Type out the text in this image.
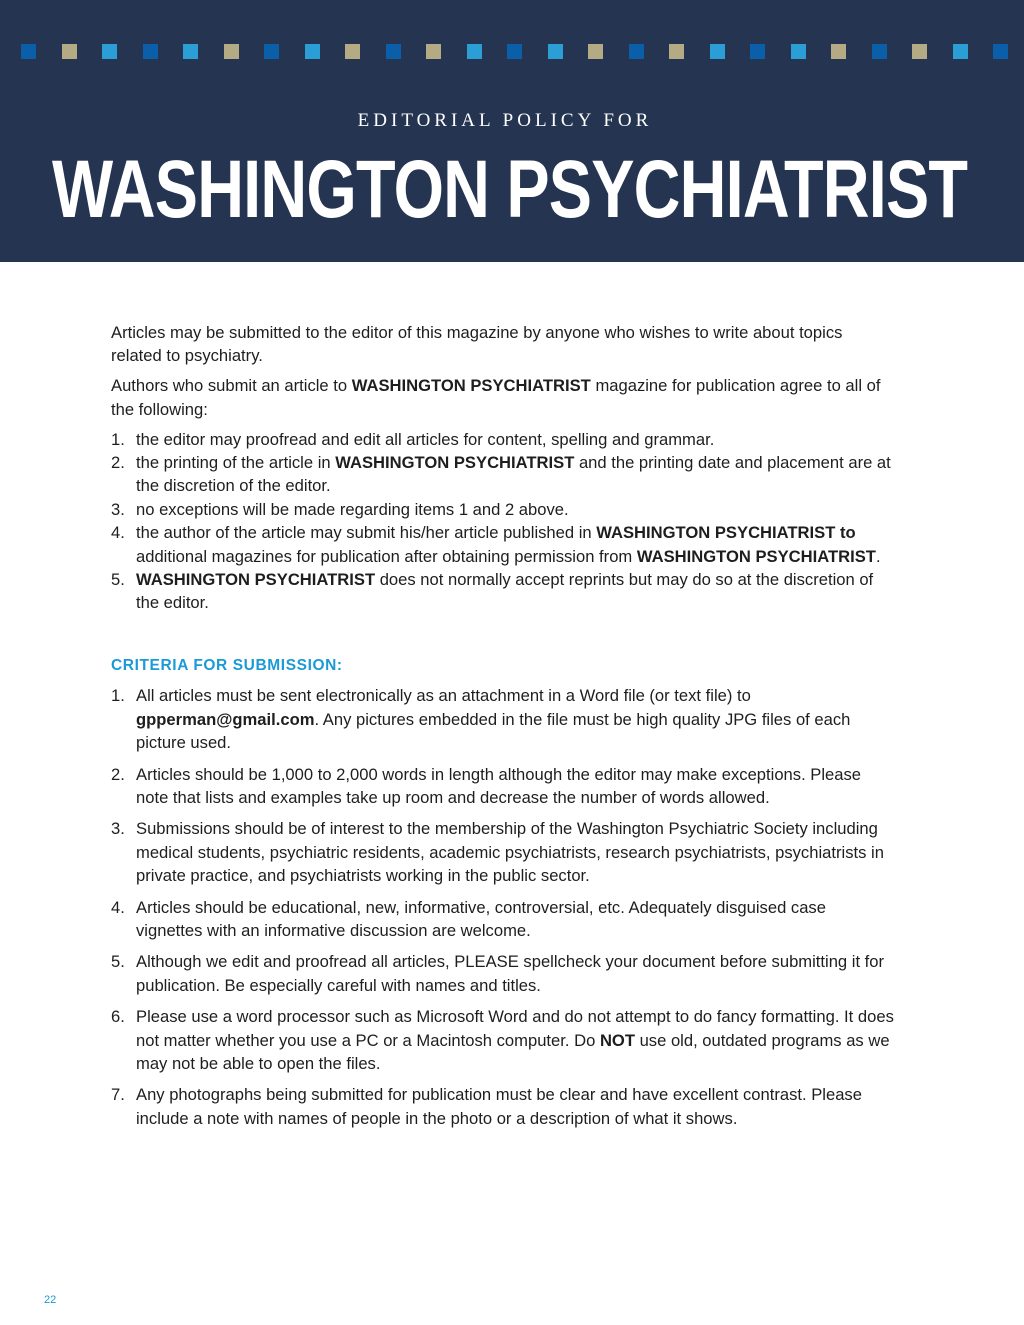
EDITORIAL POLICY FOR
WASHINGTON PSYCHIATRIST

Articles may be submitted to the editor of this magazine by anyone who wishes to write about topics related to psychiatry.

Authors who submit an article to WASHINGTON PSYCHIATRIST magazine for publication agree to all of the following:

1. the editor may proofread and edit all articles for content, spelling and grammar.
2. the printing of the article in WASHINGTON PSYCHIATRIST and the printing date and placement are at the discretion of the editor.
3. no exceptions will be made regarding items 1 and 2 above.
4. the author of the article may submit his/her article published in WASHINGTON PSYCHIATRIST to additional magazines for publication after obtaining permission from WASHINGTON PSYCHIATRIST.
5. WASHINGTON PSYCHIATRIST does not normally accept reprints but may do so at the discretion of the editor.
CRITERIA FOR SUBMISSION:
1. All articles must be sent electronically as an attachment in a Word file (or text file) to gpperman@gmail.com. Any pictures embedded in the file must be high quality JPG files of each picture used.
2. Articles should be 1,000 to 2,000 words in length although the editor may make exceptions. Please note that lists and examples take up room and decrease the number of words allowed.
3. Submissions should be of interest to the membership of the Washington Psychiatric Society including medical students, psychiatric residents, academic psychiatrists, research psychiatrists, psychiatrists in private practice, and psychiatrists working in the public sector.
4. Articles should be educational, new, informative, controversial, etc. Adequately disguised case vignettes with an informative discussion are welcome.
5. Although we edit and proofread all articles, PLEASE spellcheck your document before submitting it for publication. Be especially careful with names and titles.
6. Please use a word processor such as Microsoft Word and do not attempt to do fancy formatting. It does not matter whether you use a PC or a Macintosh computer. Do NOT use old, outdated programs as we may not be able to open the files.
7. Any photographs being submitted for publication must be clear and have excellent contrast. Please include a note with names of people in the photo or a description of what it shows.
22
